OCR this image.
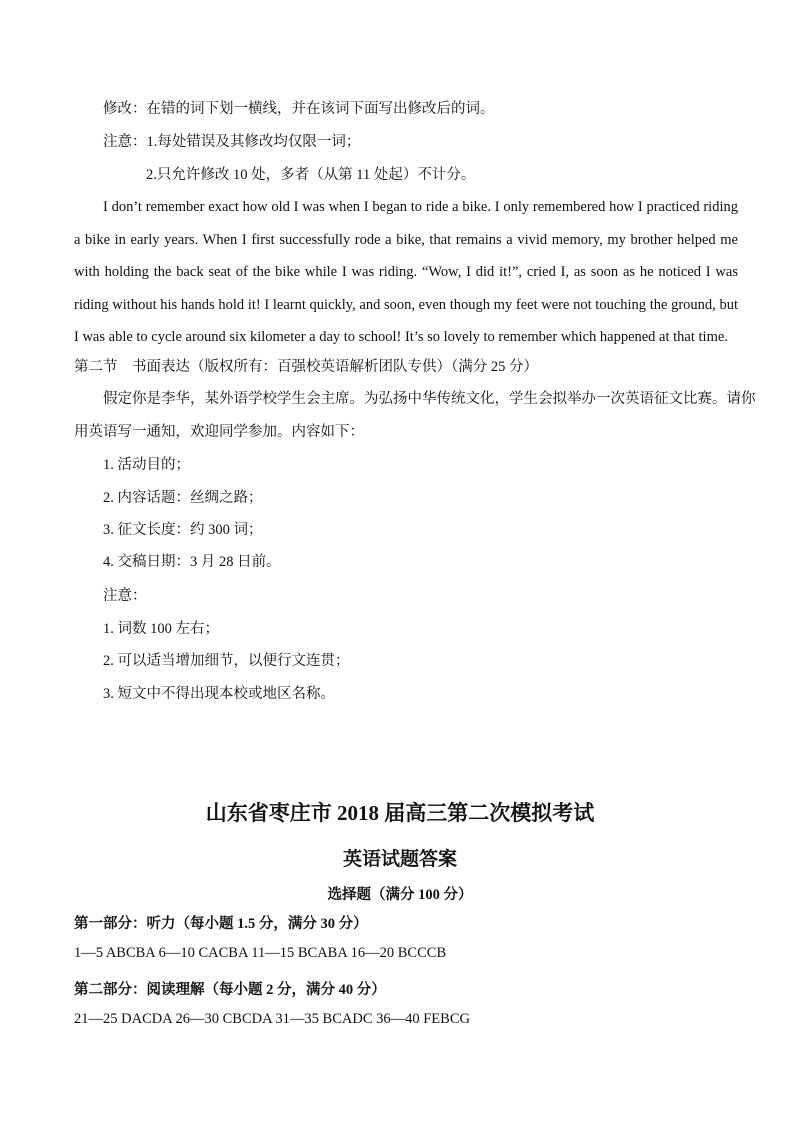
修改：在错的词下划一横线，并在该词下面写出修改后的词。
注意：1.每处错误及其修改均仅限一词；
2.只允许修改 10 处，多者（从第 11 处起）不计分。
I don’t remember exact how old I was when I began to ride a bike. I only remembered how I practiced riding a bike in early years. When I first successfully rode a bike, that remains a vivid memory, my brother helped me with holding the back seat of the bike while I was riding. “Wow, I did it!”, cried I, as soon as he noticed I was riding without his hands hold it! I learnt quickly, and soon, even though my feet were not touching the ground, but I was able to cycle around six kilometer a day to school! It’s so lovely to remember which happened at that time.
第二节　书面表达（版权所有：百强校英语解析团队专供）（满分 25 分）
假定你是李华，某外语学校学生会主席。为弘扬中华传统文化，学生会拟举办一次英语征文比赛。请你
用英语写一通知，欢迎同学参加。内容如下：
1. 活动目的；
2. 内容话题：丝绸之路；
3. 征文长度：约 300 词；
4. 交稿日期：3 月 28 日前。
注意：
1. 词数 100 左右；
2. 可以适当增加细节，以便行文连贯；
3. 短文中不得出现本校或地区名称。
山东省枣庄市 2018 届高三第二次模拟考试
英语试题答案
选择题（满分 100 分）
第一部分：听力（每小题 1.5 分，满分 30 分）
1—5 ABCBA 6—10 CACBA 11—15 BCABA 16—20 BCCCB
第二部分：阅读理解（每小题 2 分，满分 40 分）
21—25 DACDA 26—30 CBCDA 31—35 BCADC 36—40 FEBCG
